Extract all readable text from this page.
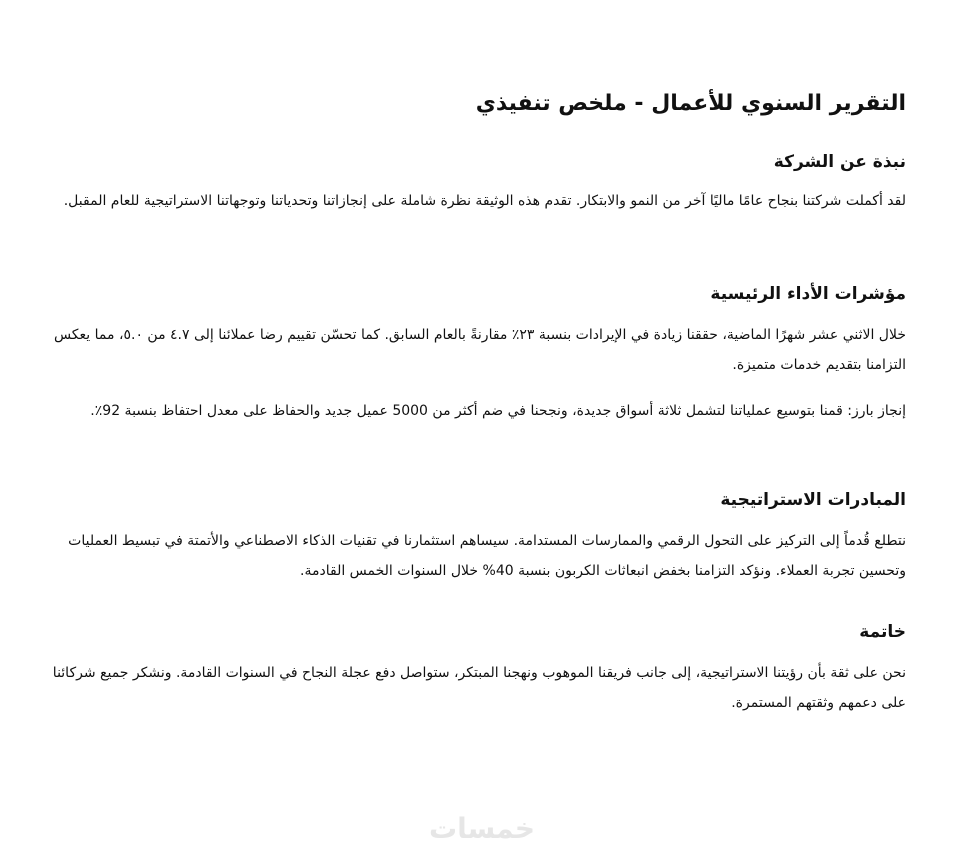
التقرير السنوي للأعمال - ملخص تنفيذي
نبذة عن الشركة

لقد أكملت شركتنا بنجاح عامًا ماليًا آخر من النمو والابتكار. تقدم هذه الوثيقة نظرة شاملة على إنجازاتنا وتحدياتنا وتوجهاتنا الاستراتيجية للعام المقبل.

مؤشرات الأداء الرئيسية

خلال الاثني عشر شهرًا الماضية، حققنا زيادة في الإيرادات بنسبة ٢٣٪ مقارنةً بالعام السابق. كما تحسّن تقييم رضا عملائنا إلى ٤.٧ من ٥.٠، مما يعكس التزامنا بتقديم خدمات متميزة.

إنجاز بارز: قمنا بتوسيع عملياتنا لتشمل ثلاثة أسواق جديدة، ونجحنا في ضم أكثر من 5000 عميل جديد والحفاظ على معدل احتفاظ بنسبة 92٪.

المبادرات الاستراتيجية

نتطلع قُدماً إلى التركيز على التحول الرقمي والممارسات المستدامة. سيساهم استثمارنا في تقنيات الذكاء الاصطناعي والأتمتة في تبسيط العمليات وتحسين تجربة العملاء. ونؤكد التزامنا بخفض انبعاثات الكربون بنسبة 40% خلال السنوات الخمس القادمة.

خاتمة

نحن على ثقة بأن رؤيتنا الاستراتيجية، إلى جانب فريقنا الموهوب ونهجنا المبتكر، ستواصل دفع عجلة النجاح في السنوات القادمة. ونشكر جميع شركائنا على دعمهم وثقتهم المستمرة.

خمسات
